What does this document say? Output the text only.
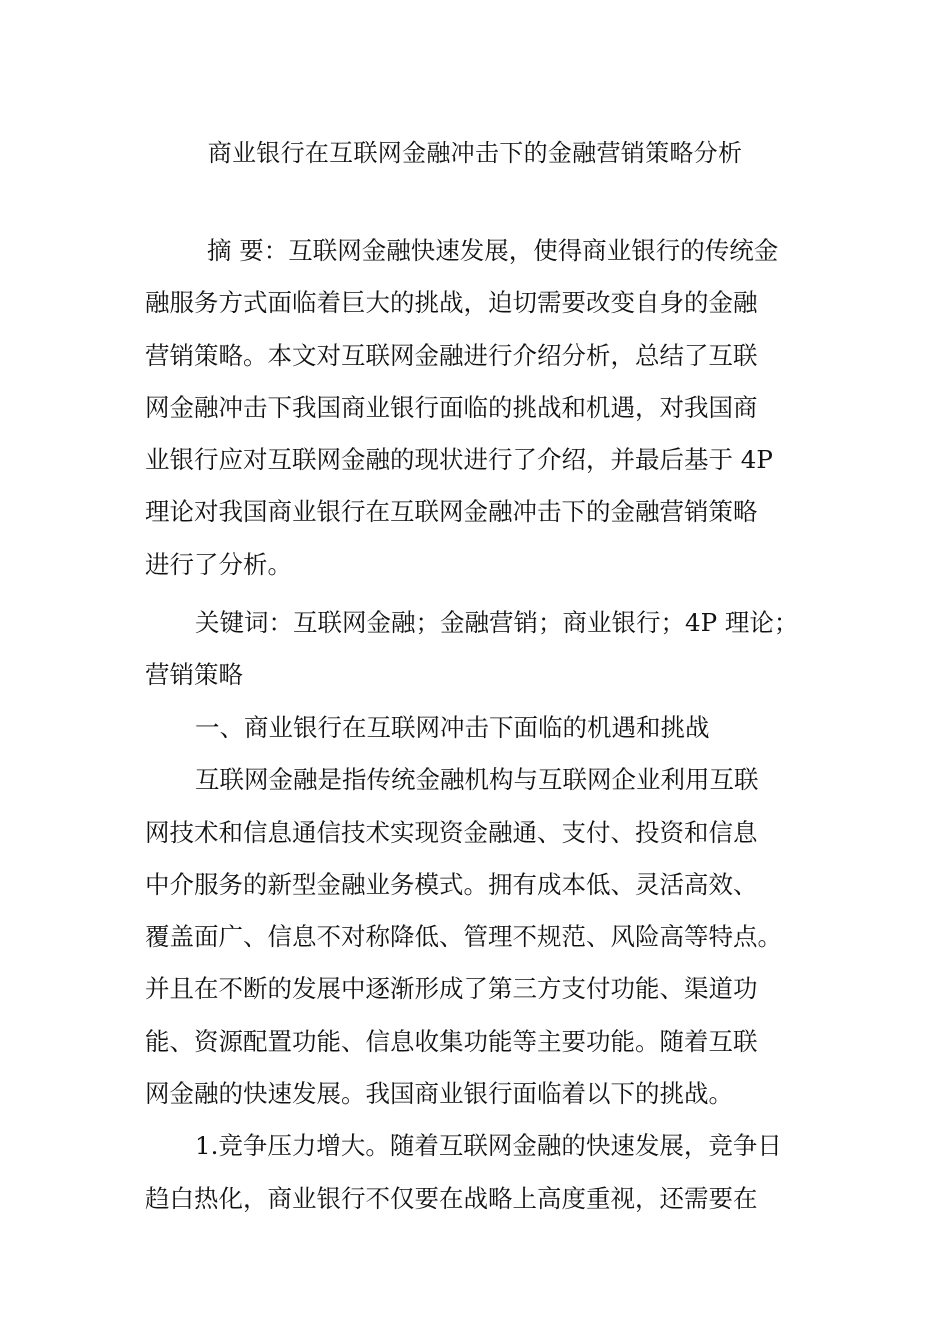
商业银行在互联网金融冲击下的金融营销策略分析
摘 要：互联网金融快速发展，使得商业银行的传统金
融服务方式面临着巨大的挑战，迫切需要改变自身的金融
营销策略。本文对互联网金融进行介绍分析，总结了互联
网金融冲击下我国商业银行面临的挑战和机遇，对我国商
业银行应对互联网金融的现状进行了介绍，并最后基于 4P
理论对我国商业银行在互联网金融冲击下的金融营销策略
进行了分析。
关键词：互联网金融；金融营销；商业银行；4P 理论；
营销策略
一、商业银行在互联网冲击下面临的机遇和挑战
互联网金融是指传统金融机构与互联网企业利用互联
网技术和信息通信技术实现资金融通、支付、投资和信息
中介服务的新型金融业务模式。拥有成本低、灵活高效、
覆盖面广、信息不对称降低、管理不规范、风险高等特点。
并且在不断的发展中逐渐形成了第三方支付功能、渠道功
能、资源配置功能、信息收集功能等主要功能。随着互联
网金融的快速发展。我国商业银行面临着以下的挑战。
1.竞争压力增大。随着互联网金融的快速发展，竞争日
趋白热化，商业银行不仅要在战略上高度重视，还需要在
